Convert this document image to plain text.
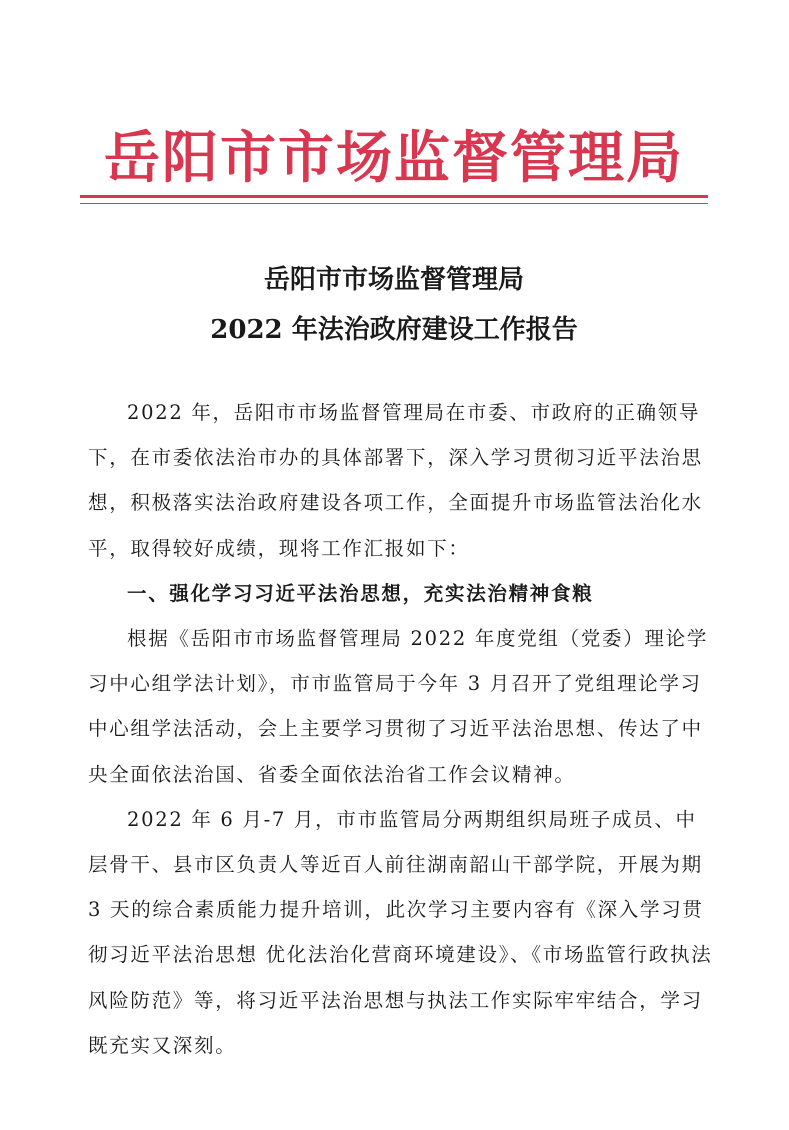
岳阳市市场监督管理局
岳阳市市场监督管理局
2022 年法治政府建设工作报告

2022 年，岳阳市市场监督管理局在市委、市政府的正确领导下，在市委依法治市办的具体部署下，深入学习贯彻习近平法治思想，积极落实法治政府建设各项工作，全面提升市场监管法治化水平，取得较好成绩，现将工作汇报如下：

一、强化学习习近平法治思想，充实法治精神食粮

根据《岳阳市市场监督管理局 2022 年度党组（党委）理论学习中心组学法计划》，市市监管局于今年 3 月召开了党组理论学习中心组学法活动，会上主要学习贯彻了习近平法治思想、传达了中央全面依法治国、省委全面依法治省工作会议精神。

2022 年 6 月-7 月，市市监管局分两期组织局班子成员、中层骨干、县市区负责人等近百人前往湖南韶山干部学院，开展为期 3 天的综合素质能力提升培训，此次学习主要内容有《深入学习贯彻习近平法治思想 优化法治化营商环境建设》、《市场监管行政执法风险防范》等，将习近平法治思想与执法工作实际牢牢结合，学习既充实又深刻。
